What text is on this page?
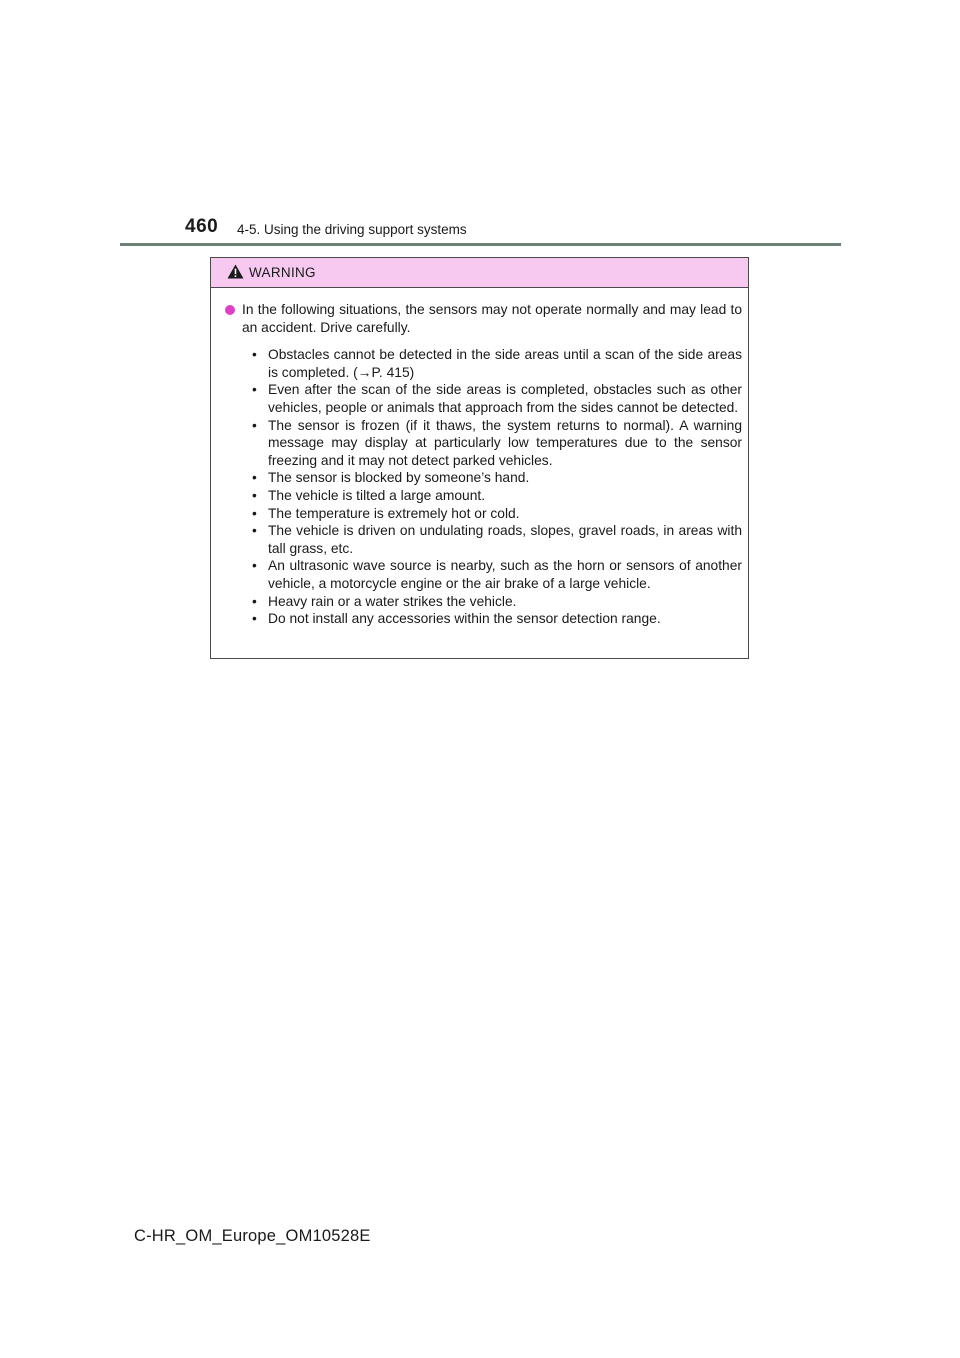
460 4-5. Using the driving support systems
WARNING
In the following situations, the sensors may not operate normally and may lead to an accident. Drive carefully.
• Obstacles cannot be detected in the side areas until a scan of the side areas is completed. (→P. 415)
• Even after the scan of the side areas is completed, obstacles such as other vehicles, people or animals that approach from the sides cannot be detected.
• The sensor is frozen (if it thaws, the system returns to normal). A warning message may display at particularly low temperatures due to the sensor freezing and it may not detect parked vehicles.
• The sensor is blocked by someone’s hand.
• The vehicle is tilted a large amount.
• The temperature is extremely hot or cold.
• The vehicle is driven on undulating roads, slopes, gravel roads, in areas with tall grass, etc.
• An ultrasonic wave source is nearby, such as the horn or sensors of another vehicle, a motorcycle engine or the air brake of a large vehicle.
• Heavy rain or a water strikes the vehicle.
• Do not install any accessories within the sensor detection range.
C-HR_OM_Europe_OM10528E
